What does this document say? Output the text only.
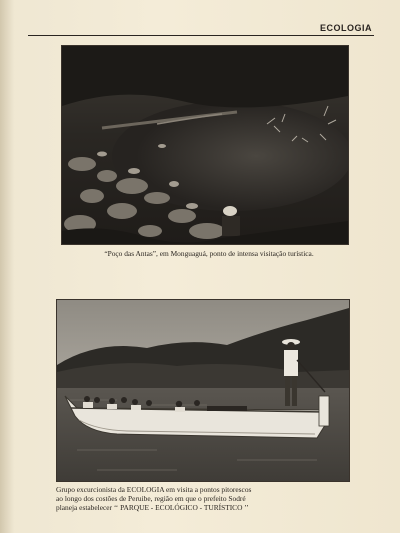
ECOLOGIA
“Poço das Antas”, em Monguaguá, ponto de intensa visitação turística.
Grupo excurcionista da ECOLOGIA em visita a pontos pitorescos
ao longo dos costões de Peruibe, região em que o prefeito Sodré
planeja estabelecer ‘‘ PARQUE - ECOLÓGICO - TURÍSTICO ’’
